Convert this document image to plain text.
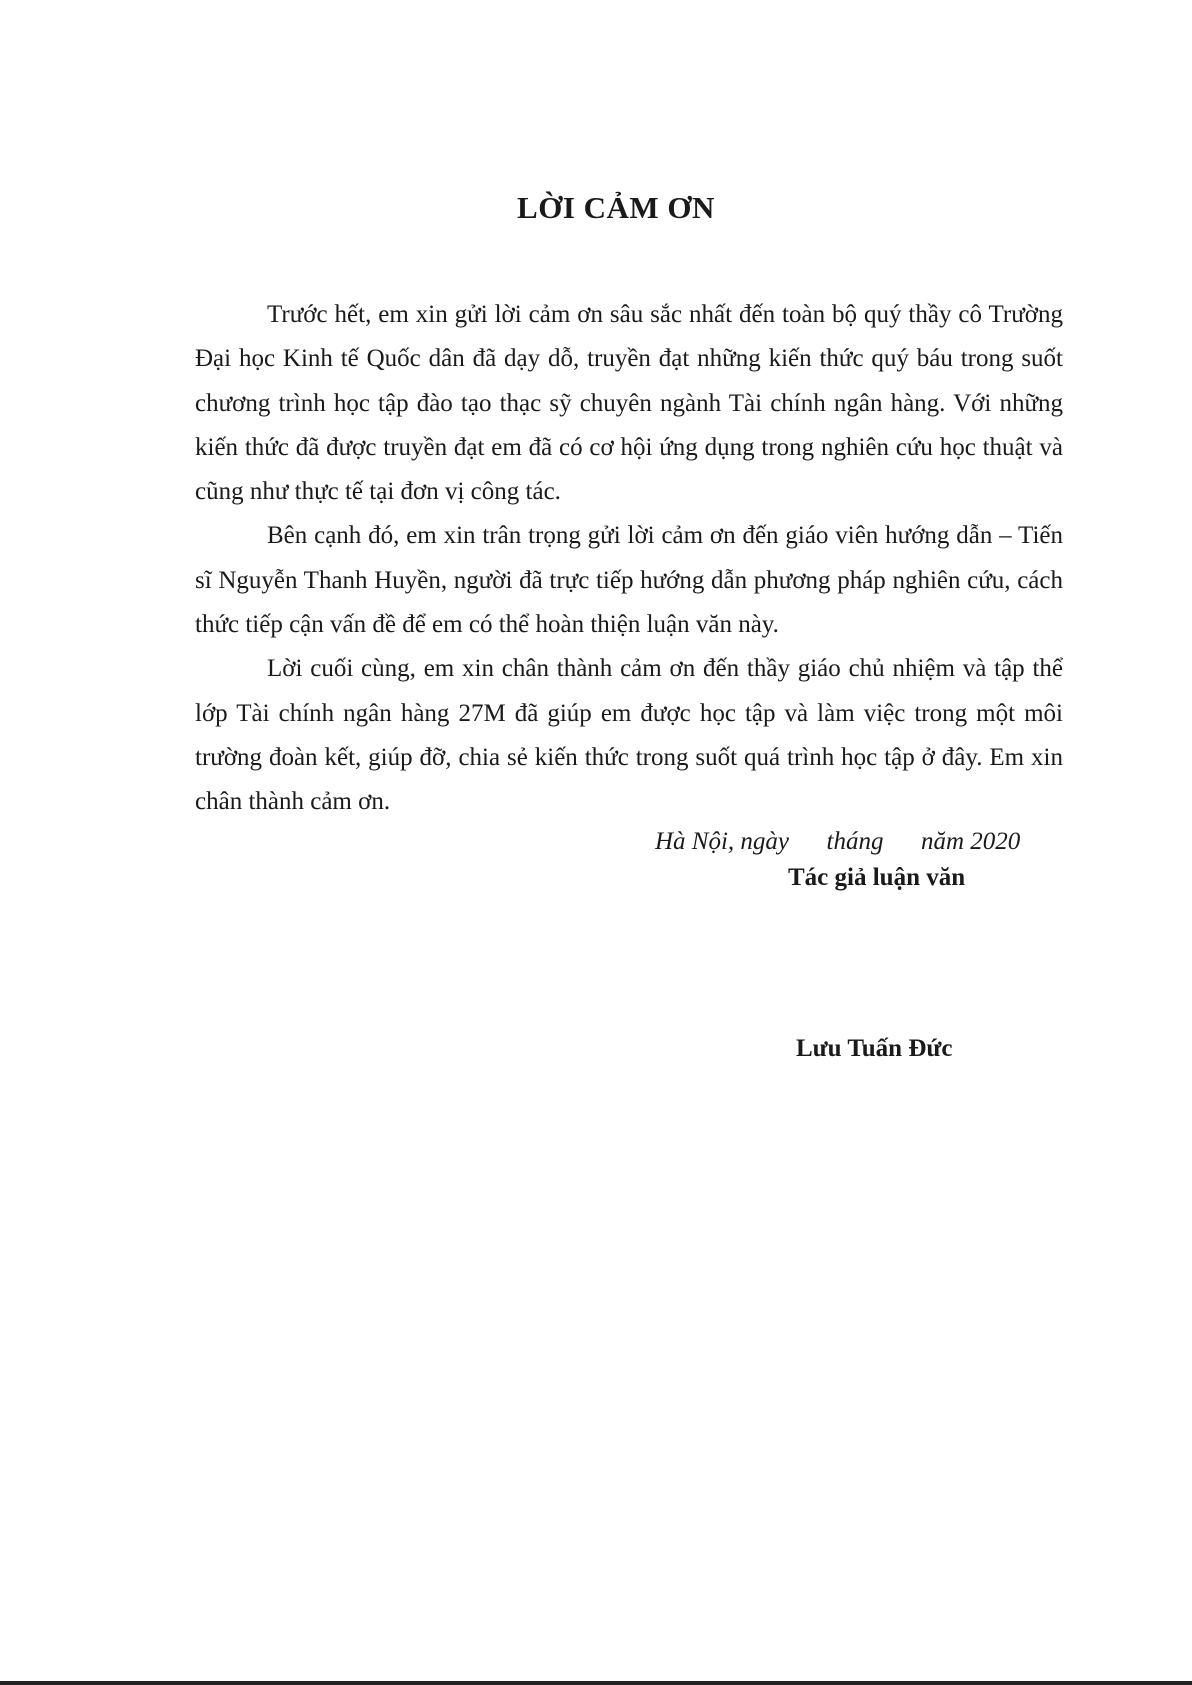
LỜI CẢM ƠN

Trước hết, em xin gửi lời cảm ơn sâu sắc nhất đến toàn bộ quý thầy cô Trường Đại học Kinh tế Quốc dân đã dạy dỗ, truyền đạt những kiến thức quý báu trong suốt chương trình học tập đào tạo thạc sỹ chuyên ngành Tài chính ngân hàng. Với những kiến thức đã được truyền đạt em đã có cơ hội ứng dụng trong nghiên cứu học thuật và cũng như thực tế tại đơn vị công tác.

Bên cạnh đó, em xin trân trọng gửi lời cảm ơn đến giáo viên hướng dẫn – Tiến sĩ Nguyễn Thanh Huyền, người đã trực tiếp hướng dẫn phương pháp nghiên cứu, cách thức tiếp cận vấn đề để em có thể hoàn thiện luận văn này.

Lời cuối cùng, em xin chân thành cảm ơn đến thầy giáo chủ nhiệm và tập thể lớp Tài chính ngân hàng 27M đã giúp em được học tập và làm việc trong một môi trường đoàn kết, giúp đỡ, chia sẻ kiến thức trong suốt quá trình học tập ở đây. Em xin chân thành cảm ơn.

Hà Nội, ngày      tháng      năm 2020
Tác giả luận văn
Lưu Tuấn Đức
